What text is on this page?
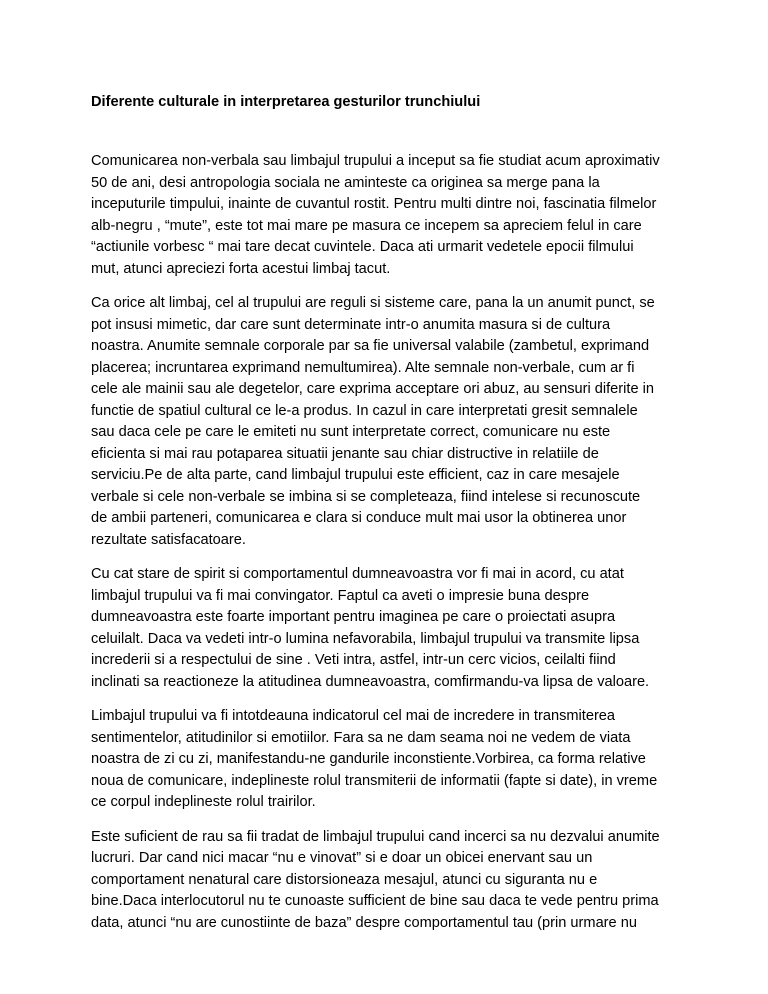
Diferente culturale in interpretarea gesturilor trunchiului

Comunicarea non-verbala sau limbajul trupului a inceput sa fie studiat acum aproximativ
50 de ani, desi antropologia sociala ne aminteste ca originea sa merge pana la
inceputurile timpului, inainte de cuvantul rostit. Pentru multi dintre noi, fascinatia filmelor
alb-negru , “mute”, este tot mai mare pe masura ce incepem sa apreciem felul in care
“actiunile vorbesc “ mai tare decat cuvintele. Daca ati urmarit vedetele epocii filmului
mut, atunci apreciezi forta acestui limbaj tacut.

Ca orice alt limbaj, cel al trupului are reguli si sisteme care, pana la un anumit punct, se
pot insusi mimetic, dar care sunt determinate intr-o anumita masura si de cultura
noastra. Anumite semnale corporale par sa fie universal valabile (zambetul, exprimand
placerea; incruntarea exprimand nemultumirea). Alte semnale non-verbale, cum ar fi
cele ale mainii sau ale degetelor, care exprima acceptare ori abuz, au sensuri diferite in
functie de spatiul cultural ce le-a produs. In cazul in care interpretati gresit semnalele
sau daca cele pe care le emiteti nu sunt interpretate correct, comunicare nu este
eficienta si mai rau potaparea situatii jenante sau chiar distructive in relatiile de
serviciu.Pe de alta parte, cand limbajul trupului este efficient, caz in care mesajele
verbale si cele non-verbale se imbina si se completeaza, fiind intelese si recunoscute
de ambii parteneri, comunicarea e clara si conduce mult mai usor la obtinerea unor
rezultate satisfacatoare.

Cu cat stare de spirit si comportamentul dumneavoastra vor fi mai in acord, cu atat
limbajul trupului va fi mai convingator. Faptul ca aveti o impresie buna despre
dumneavoastra este foarte important pentru imaginea pe care o proiectati asupra
celuilalt. Daca va vedeti intr-o lumina nefavorabila, limbajul trupului va transmite lipsa
increderii si a respectului de sine . Veti intra, astfel, intr-un cerc vicios, ceilalti fiind
inclinati sa reactioneze la atitudinea dumneavoastra, comfirmandu-va lipsa de valoare.

Limbajul trupului va fi intotdeauna indicatorul cel mai de incredere in transmiterea
sentimentelor, atitudinilor si emotiilor. Fara sa ne dam seama noi ne vedem de viata
noastra de zi cu zi, manifestandu-ne gandurile inconstiente.Vorbirea, ca forma relative
noua de comunicare, indeplineste rolul transmiterii de informatii (fapte si date), in vreme
ce corpul indeplineste rolul trairilor.

Este suficient de rau sa fii tradat de limbajul trupului cand incerci sa nu dezvalui anumite
lucruri. Dar cand nici macar “nu e vinovat” si e doar un obicei enervant sau un
comportament nenatural care distorsioneaza mesajul, atunci cu siguranta nu e
bine.Daca interlocutorul nu te cunoaste sufficient de bine sau daca te vede pentru prima
data, atunci “nu are cunostiinte de baza” despre comportamentul tau (prin urmare nu
